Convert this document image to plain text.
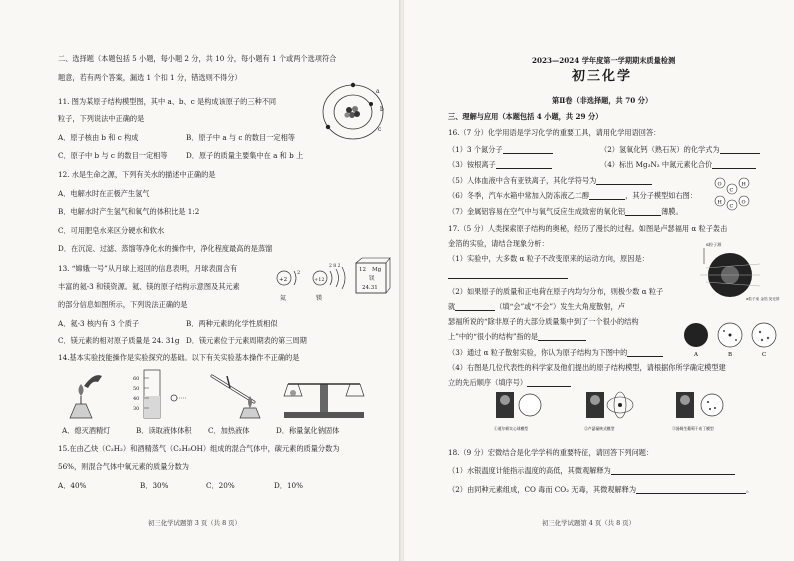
二、选择题（本题包括 5 小题，每小题 2 分，共 10 分，每小题有 1 个或两个选项符合
题意，若有两个答案，漏选 1 个扣 1 分，错选则不得分）
11. 图为某原子结构模型图，其中 a、b、c 是构成该原子的三种不同
粒子，下列说法中正确的是
A．原子核由 b 和 c 构成	B．原子中 a 与 c 的数目一定相等
C．原子中 b 与 c 的数目一定相等	D．原子的质量主要集中在 a 和 b 上
a
b
c
12. 水是生命之源，下列有关水的描述中正确的是
A．电解水时在正极产生氢气
B．电解水时产生氢气和氧气的体积比是 1:2
C．可用肥皂水来区分硬水和软水
D．在沉淀、过滤、蒸馏等净化水的操作中，净化程度最高的是蒸馏
13. “嫦娥一号”从月球上返回的信息表明，月球表面含有
丰富的氦-3 和镁资源。氦、镁的原子结构示意图及其元素
的部分信息如图所示，下列说法正确的是
+2
2
氦
+12
2 8 2
镁
12 Mg
镁
24.31
A．氦-3 核内有 3 个质子	B．两种元素的化学性质相似
C．镁元素的相对原子质量是 24. 31g D．镁元素位于元素周期表的第三周期
14.基本实验技能操作是实验探究的基础。以下有关实验基本操作不正确的是
60
50
40
30
A．熄灭酒精灯	B．读取液体体积 C．加热液体	D．称量氯化钠固体
15.在由乙炔（C₂H₂）和酒精蒸气（C₂H₅OH）组成的混合气体中，碳元素的质量分数为
56%，则混合气体中氧元素的质量分数为
A．40%	B．30%	C．20%	D．10%
初三化学试题第 3 页（共 8 页）
2023—2024 学年度第一学期期末质量检测
初三化学
第Ⅱ卷（非选择题，共 70 分）
三、理解与应用（本题包括 4 小题，共 29 分）
16.（7 分）化学用语是学习化学的重要工具，请用化学用语回答：
（1）3 个氮分子	（2）氢氧化钙（熟石灰）的化学式为
（3）铵根离子	（4）标出 Mg₃N₂ 中氮元素化合价
（5）人体血液中含有亚铁离子，其化学符号为
（6）冬季，汽车水箱中常加入防冻液乙二醇	，其分子模型如右图：
（7）金属铝容易在空气中与氧气反应生成致密的氧化铝	薄膜。
O
C
H
H
C
O
17.（5 分）人类探索原子结构的奥秘，经历了漫长的过程。如图是卢瑟福用 α 粒子轰击
金箔的实验，请结合现象分析：
（1）实验中，大多数 α 粒子不改变原来的运动方向，原因是：
α粒子源
α粒子束 金箔 荧光屏
（2）如果原子的质量和正电荷在原子内均匀分布，则极少数 α 粒子
就	（填“会”或“不会”）发生大角度散射，卢
瑟福所说的“除非原子的大部分质量集中到了一个很小的结构
上”中的“很小的结构”指的是
（3）通过 α 粒子散射实验，你认为原子结构为下图中的	A	B	C
（4）右图是几位代表性的科学家及他们提出的原子结构模型，请根据你所学确定模型建
立的先后顺序（填序号）
①道尔顿实心球模型	②卢瑟福核式模型	③汤姆生葡萄干布丁模型
18.（9 分）宏微结合是化学学科的重要特征，请回答下列问题：
（1）水银温度计能指示温度的高低，其微观解释为
（2）由同种元素组成，CO 毒而 CO₂ 无毒，其微观解释为	。
初三化学试题第 4 页（共 8 页）
